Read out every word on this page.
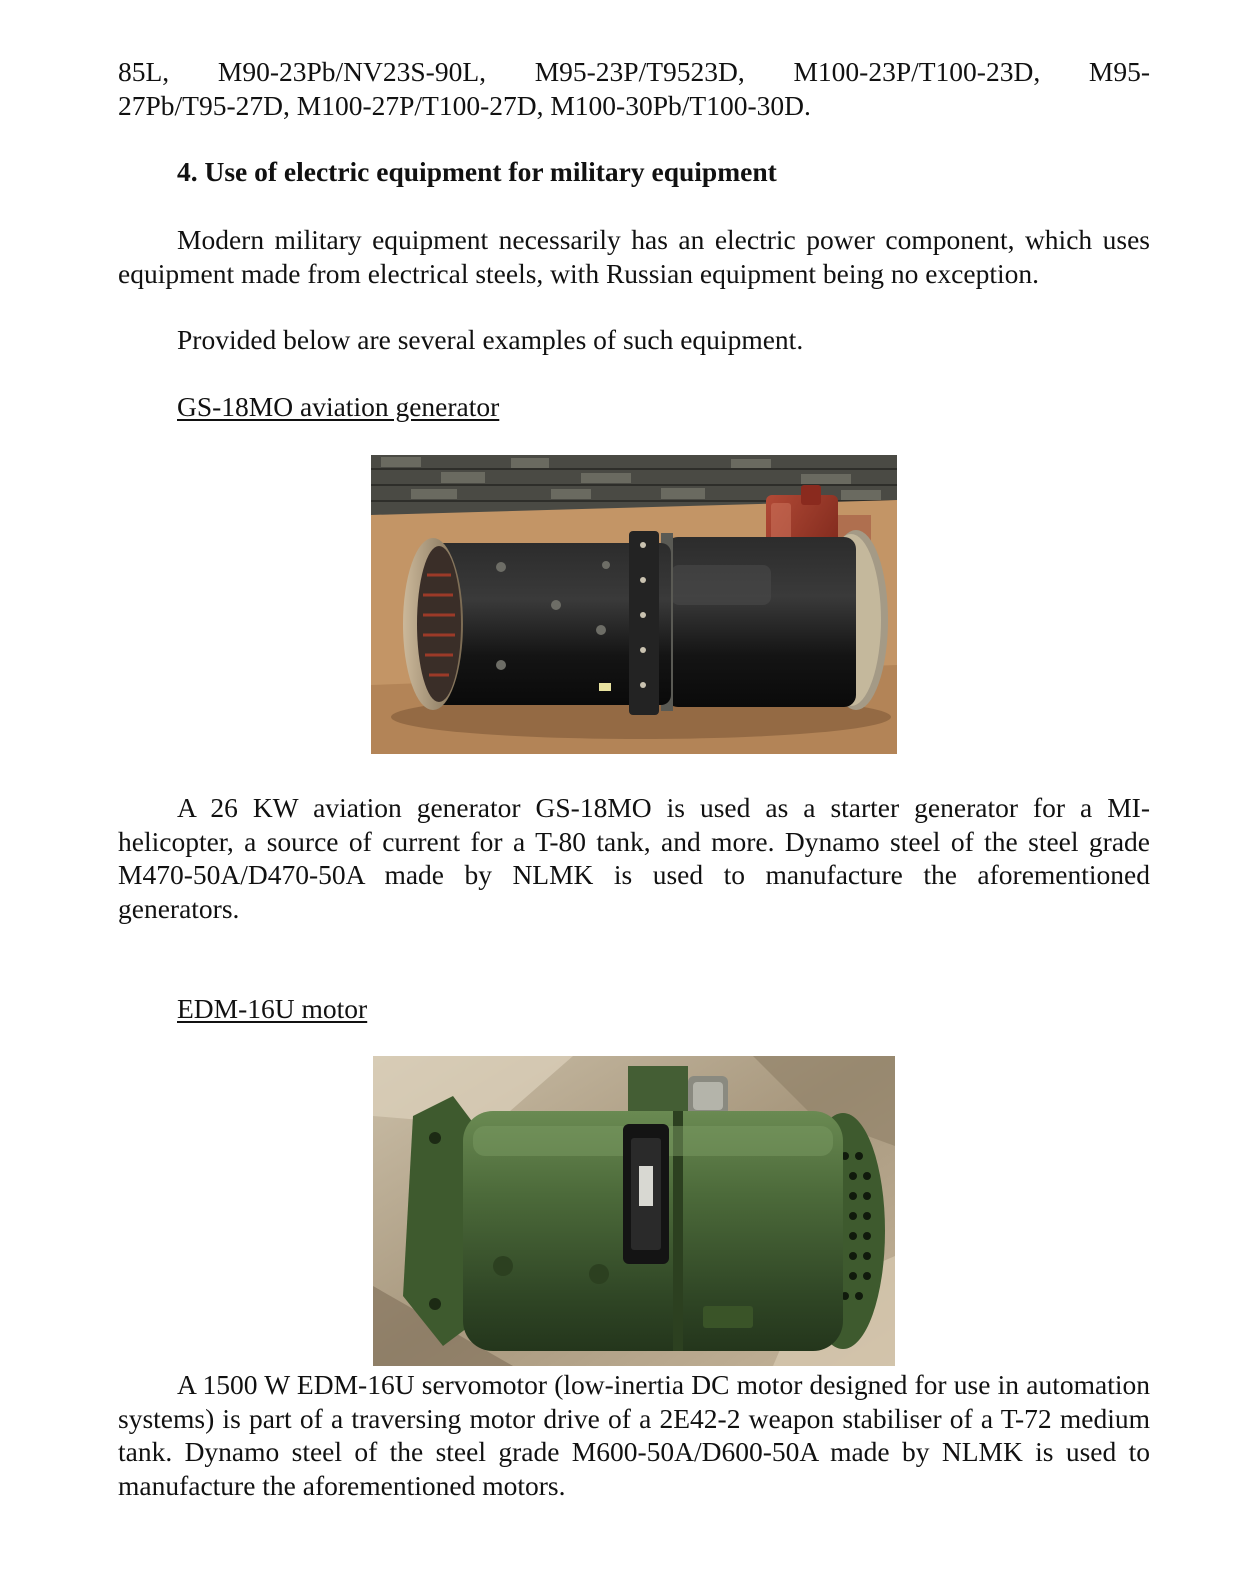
85L, M90-23Pb/NV23S-90L, M95-23P/T9523D, M100-23P/T100-23D, M95-

27Pb/T95-27D, M100-27P/T100-27D, M100-30Pb/T100-30D.

4. Use of electric equipment for military equipment

Modern military equipment necessarily has an electric power component, which uses equipment made from electrical steels, with Russian equipment being no exception.

Provided below are several examples of such equipment.

GS-18MO aviation generator

A 26 KW aviation generator GS-18MO is used as a starter generator for a MI-helicopter, a source of current for a T-80 tank, and more. Dynamo steel of the steel grade M470-50A/D470-50A made by NLMK is used to manufacture the aforementioned generators.

EDM-16U motor

A 1500 W EDM-16U servomotor (low-inertia DC motor designed for use in automation systems) is part of a traversing motor drive of a 2E42-2 weapon stabiliser of a T-72 medium tank. Dynamo steel of the steel grade M600-50A/D600-50A made by NLMK is used to manufacture the aforementioned motors.
